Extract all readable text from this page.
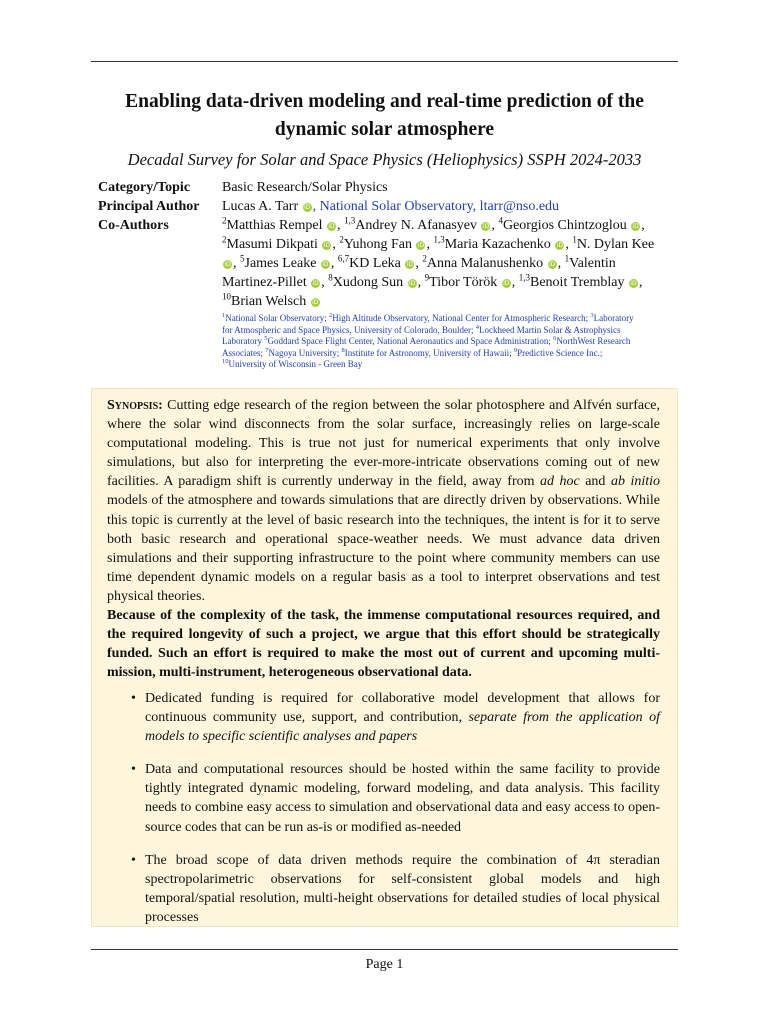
Enabling data-driven modeling and real-time prediction of the
dynamic solar atmosphere
Decadal Survey for Solar and Space Physics (Heliophysics) SSPH 2024-2033
Category/Topic Basic Research/Solar Physics
Principal Author Lucas A. Tarr iD , National Solar Observatory, ltarr@nso.edu
Co-Authors	$^2$Matthias Rempel iD , $^{1,3}$Andrey N. Afanasyev iD , $^4$Georgios Chintzoglou iD , $^2$Masumi Dikpati iD , $^2$Yuhong Fan iD , $^{1,3}$Maria Kazachenko iD , $^1$N. Dylan Kee iD , $^5$James Leake iD , $^{6,7}$KD Leka iD , $^2$Anna Malanushenko iD , $^1$Valentin Martinez-Pillet iD , $^8$Xudong Sun iD , $^9$Tibor Török iD , $^{1,3}$Benoit Tremblay iD , $^{10}$Brian Welsch iD
$^1$National Solar Observatory; $^2$High Altitude Observatory, National Center for Atmospheric Research; $^3$Laboratory for Atmospheric and Space Physics, University of Colorado, Boulder; $^4$Lockheed Martin Solar & Astrophysics Laboratory $^5$Goddard Space Flight Center, National Aeronautics and Space Administration; $^6$NorthWest Research Associates; $^7$Nagoya University; $^8$Institute for Astronomy, University of Hawaii; $^9$Predictive Science Inc.; $^{10}$University of Wisconsin - Green Bay
Synopsis: Cutting edge research of the region between the solar photosphere and Alfvén surface, where the solar wind disconnects from the solar surface, increasingly relies on large-scale computational modeling. This is true not just for numerical experiments that only involve simulations, but also for interpreting the ever-more-intricate observations coming out of new facilities. A paradigm shift is currently underway in the field, away from ad hoc and ab initio models of the atmosphere and towards simulations that are directly driven by observations. While this topic is currently at the level of basic research into the techniques, the intent is for it to serve both basic research and operational space-weather needs. We must advance data driven simulations and their supporting infrastructure to the point where community members can use time dependent dynamic models on a regular basis as a tool to interpret observations and test physical theories.
Because of the complexity of the task, the immense computational resources required, and the required longevity of such a project, we argue that this effort should be strategically funded. Such an effort is required to make the most out of current and upcoming multi-mission, multi-instrument, heterogeneous observational data.
• Dedicated funding is required for collaborative model development that allows for continuous community use, support, and contribution, separate from the application of models to specific scientific analyses and papers
• Data and computational resources should be hosted within the same facility to provide tightly integrated dynamic modeling, forward modeling, and data analysis. This facility needs to combine easy access to simulation and observational data and easy access to open-source codes that can be run as-is or modified as-needed
• The broad scope of data driven methods require the combination of 4π steradian spectropolarimetric observations for self-consistent global models and high temporal/spatial resolution, multi-height observations for detailed studies of local physical processes
Page 1
